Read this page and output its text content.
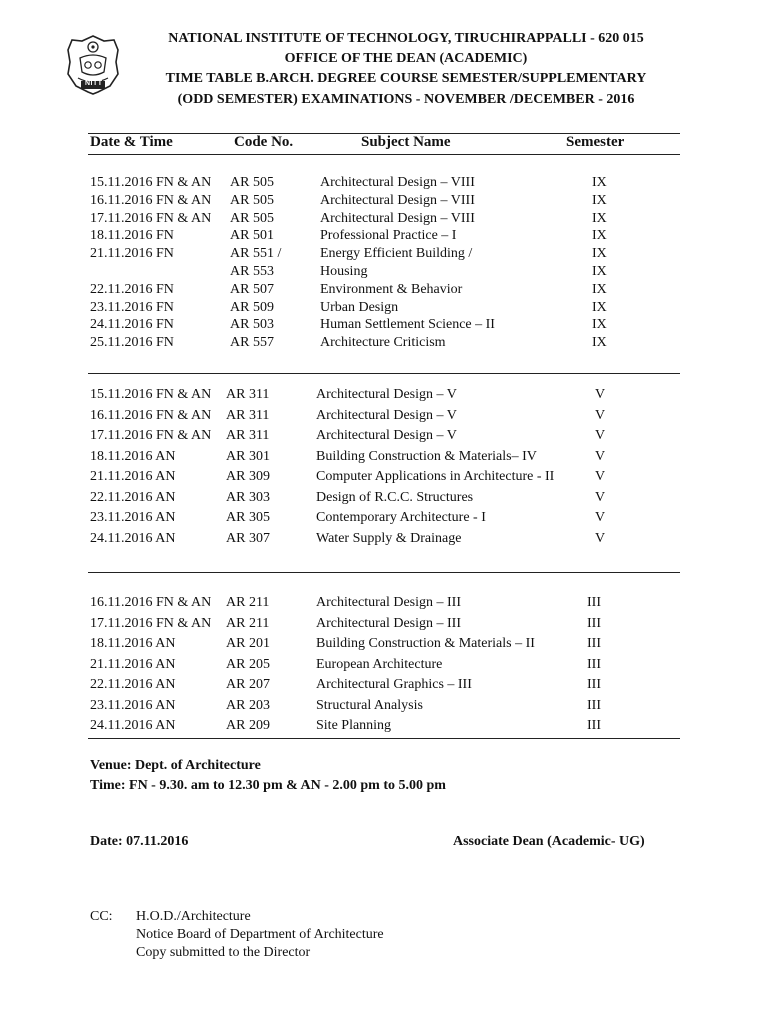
NITT
NATIONAL INSTITUTE OF TECHNOLOGY, TIRUCHIRAPPALLI - 620 015
OFFICE OF THE DEAN (ACADEMIC)
TIME TABLE B.ARCH. DEGREE COURSE SEMESTER/SUPPLEMENTARY
(ODD SEMESTER) EXAMINATIONS - NOVEMBER /DECEMBER - 2016
Date & Time	Code No.	Subject Name	Semester
15.11.2016 FN & AN AR 505	Architectural Design – VIII	IX
16.11.2016 FN & AN AR 505	Architectural Design – VIII	IX
17.11.2016 FN & AN AR 505	Architectural Design – VIII	IX
18.11.2016 FN	AR 501	Professional Practice – I	IX
21.11.2016 FN	AR 551 /	Energy Efficient Building /	IX
AR 553	Housing	IX
22.11.2016 FN	AR 507	Environment & Behavior	IX
23.11.2016 FN	AR 509	Urban Design	IX
24.11.2016 FN	AR 503	Human Settlement Science – II	IX
25.11.2016 FN	AR 557	Architecture Criticism	IX
15.11.2016 FN & AN AR 311	Architectural Design – V	V
16.11.2016 FN & AN AR 311	Architectural Design – V	V
17.11.2016 FN & AN AR 311	Architectural Design – V	V
18.11.2016 AN	AR 301	Building Construction & Materials– IV	V
21.11.2016 AN	AR 309	Computer Applications in Architecture - II	V
22.11.2016 AN	AR 303	Design of R.C.C. Structures	V
23.11.2016 AN	AR 305	Contemporary Architecture - I	V
24.11.2016 AN	AR 307	Water Supply & Drainage	V
16.11.2016 FN & AN AR 211	Architectural Design – III	III
17.11.2016 FN & AN AR 211	Architectural Design – III	III
18.11.2016 AN	AR 201	Building Construction & Materials – II	III
21.11.2016 AN	AR 205	European Architecture	III
22.11.2016 AN	AR 207	Architectural Graphics – III	III
23.11.2016 AN	AR 203	Structural Analysis	III
24.11.2016 AN	AR 209	Site Planning	III
Venue: Dept. of Architecture
Time: FN - 9.30. am to 12.30 pm & AN - 2.00 pm to 5.00 pm
Date: 07.11.2016	Associate Dean (Academic- UG)
CC: H.O.D./Architecture
Notice Board of Department of Architecture
Copy submitted to the Director
